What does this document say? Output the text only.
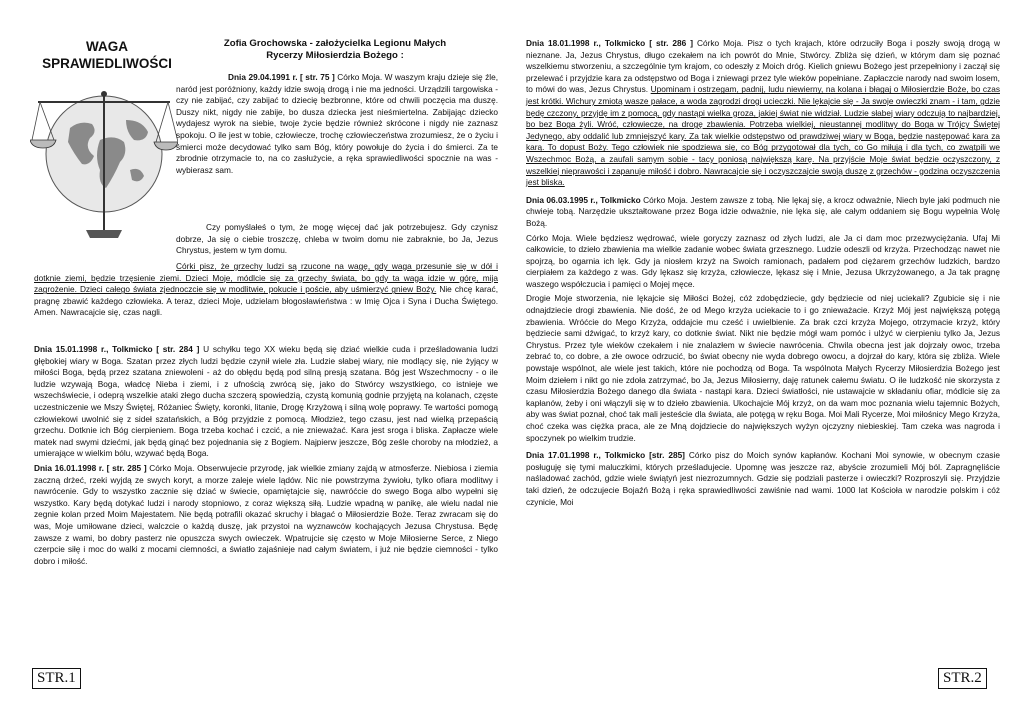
WAGA
SPRAWIEDLIWOŚCI
Zofia Grochowska - założycielka Legionu Małych
Rycerzy Miłosierdzia Bożego :

Dnia 29.04.1991 r. [ str. 75 ] Córko Moja. W waszym kraju dzieje się źle, naród jest poróżniony, każdy idzie swoją drogą i nie ma jedności. Urządzili targowiska - czy nie zabijać, czy zabijać to dziecię bezbronne, które od chwili poczęcia ma duszę. Duszy nikt, nigdy nie zabije, bo dusza dziecka jest nieśmiertelna. Zabijając dziecko wydajesz wyrok na siebie, twoje życie będzie również skrócone i nigdy nie zaznasz spokoju. O ile jest w tobie, człowiecze, trochę człowieczeństwa zrozumiesz, że o życiu i śmierci może decydować tylko sam Bóg, który powołuje do życia i do śmierci. Za te zbrodnie otrzymacie to, na co zasłużycie, a ręka sprawiedliwości spocznie na was - wybierasz sam.

Czy pomyślałeś o tym, że mogę więcej dać jak potrzebujesz. Gdy czynisz dobrze, Ja się o ciebie troszczę, chleba w twoim domu nie zabraknie, bo Ja, Jezus Chrystus, jestem w tym domu.

Córki pisz, że grzechy ludzi są rzucone na wagę, gdy waga przesunie się w dół i dotknie ziemi, będzie trzęsienie ziemi. Dzieci Moje, módlcie się za grzechy świata, bo gdy ta waga idzie w górę, mija zagrożenie. Dzieci całego świata zjednoczcie się w modlitwie, pokucie i poście, aby uśmierzyć gniew Boży. Nie chcę karać, pragnę zbawić każdego człowieka. A teraz, dzieci Moje, udzielam błogosławieństwa : w Imię Ojca i Syna i Ducha Świętego. Amen. Nawracajcie się, czas nagli.

Dnia 15.01.1998 r., Tolkmicko [ str. 284 ] U schyłku tego XX wieku będą się dziać wielkie cuda i prześladowania ludzi głębokiej wiary w Boga. Szatan przez złych ludzi będzie czynił wiele zła. Ludzie słabej wiary, nie modlący się, nie żyjący w miłości Boga, będą przez szatana zniewoleni - aż do obłędu będą pod silną presją szatana. Bóg jest Wszechmocny - o ile ludzie wzywają Boga, władcę Nieba i ziemi, i z ufnością zwrócą się, jako do Stwórcy wszystkiego, co istnieje we wszechświecie, i odeprą wszelkie ataki złego ducha szczerą spowiedzią, czystą komunią godnie przyjętą na kolanach, częste uczestniczenie we Mszy Świętej, Różaniec Święty, koronki, litanie, Drogę Krzyżową i silną wolę poprawy. Te wartości pomogą człowiekowi uwolnić się z sideł szatańskich, a Bóg przyjdzie z pomocą. Młodzież, tego czasu, jest nad wielką przepaścią grzechu. Dotknie ich Bóg cierpieniem. Boga trzeba kochać i czcić, a nie znieważać. Kara jest sroga i bliska. Zapłacze wiele matek nad swymi dziećmi, jak będą ginąć bez pojednania się z Bogiem. Najpierw jeszcze, Bóg ześle choroby na młodzież, a umierające w wielkim bólu, wzywać będą Boga.

Dnia 16.01.1998 r. [ str. 285 ] Córko Moja. Obserwujecie przyrodę, jak wielkie zmiany zajdą w atmosferze. Niebiosa i ziemia zaczną drżeć, rzeki wyjdą ze swych koryt, a morze zaleje wiele lądów. Nic nie powstrzyma żywiołu, tylko ofiara modlitwy i nawrócenie. Gdy to wszystko zacznie się dziać w świecie, opamiętajcie się, nawróćcie do swego Boga albo wypełni się wszystko. Kary będą dotykać ludzi i narody stopniowo, z coraz większą siłą. Ludzie wpadną w panikę, ale wielu nadal nie zegnie kolan przed Moim Majestatem. Nie będą potrafili okazać skruchy i błagać o Miłosierdzie Boże. Teraz zwracam się do was, Moje umiłowane dzieci, walczcie o każdą duszę, jak przystoi na wyznawców kochających Jezusa Chrystusa. Będę zawsze z wami, bo dobry pasterz nie opuszcza swych owieczek. Wpatrujcie się często w Moje Miłosierne Serce, z Niego czerpcie siłę i moc do walki z mocami ciemności, a światło zajaśnieje nad całym światem, i już nie będzie ciemności - tylko dobro i miłość.

STR.1

Dnia 18.01.1998 r., Tolkmicko [ str. 286 ] Córko Moja. Pisz o tych krajach, które odrzuciły Boga i poszły swoją drogą w nieznane. Ja, Jezus Chrystus, długo czekałem na ich powrót do Mnie, Stwórcy. Zbliża się dzień, w którym dam się poznać wszelkiemu stworzeniu, a szczególnie tym krajom, co odeszły z Moich dróg. Kielich gniewu Bożego jest przepełniony i zaczął się przelewać i przyjdzie kara za odstępstwo od Boga i zniewagi przez tyle wieków popełniane. Zapłaczcie narody nad swoim losem, to mówi do was, Jezus Chrystus. Upominam i ostrzegam, padnij, ludu niewierny, na kolana i błagaj o Miłosierdzie Boże, bo czas jest krótki. Wichury zmiotą wasze pałace, a woda zagrodzi drogi ucieczki. Nie lękajcie się - Ja swoje owieczki znam - i tam, gdzie będę czczony, przyjdę im z pomocą, gdy nastąpi wielka groza, jakiej świat nie widział. Ludzie słabej wiary odczują to najbardziej, bo bez Boga żyli. Wróć, człowiecze, na drogę zbawienia. Potrzeba wielkiej, nieustannej modlitwy do Boga w Trójcy Świętej Jedynego, aby oddalić lub zmniejszyć kary. Za tak wielkie odstępstwo od prawdziwej wiary w Boga, będzie następować kara za karą. To dopust Boży. Tego człowiek nie spodziewa się, co Bóg przygotował dla tych, co Go miłują i dla tych, co zwątpili we Wszechmoc Bożą, a zaufali samym sobie - tacy poniosą największą karę. Na przyjście Moje świat będzie oczyszczony, z wszelkiej nieprawości i zapanuje miłość i dobro. Nawracajcie się i oczyszczajcie swoją duszę z grzechów - godzina oczyszczenia jest bliska.

Dnia 06.03.1995 r., Tolkmicko Córko Moja. Jestem zawsze z tobą. Nie lękaj się, a krocz odważnie, Niech byle jaki podmuch nie chwieje tobą. Narzędzie ukształtowane przez Boga idzie odważnie, nie lęka się, ale całym oddaniem się Bogu wypełnia Wolę Bożą.

Córko Moja. Wiele będziesz wędrować, wiele goryczy zaznasz od złych ludzi, ale Ja ci dam moc przezwyciężania. Ufaj Mi całkowicie, to dzieło zbawienia ma wielkie zadanie wobec świata grzesznego. Ludzie odeszli od krzyża. Przechodząc nawet nie spojrzą, bo ogarnia ich lęk. Gdy ja niosłem krzyż na Swoich ramionach, padałem pod ciężarem grzechów ludzkich, bardzo cierpiałem za każdego z was. Gdy lękasz się krzyża, człowiecze, lękasz się i Mnie, Jezusa Ukrzyżowanego, a Ja tak pragnę waszego współczucia i pamięci o Mojej męce.

Drogie Moje stworzenia, nie lękajcie się Miłości Bożej, cóż zdobędziecie, gdy będziecie od niej uciekali? Zgubicie się i nie odnajdziecie drogi zbawienia. Nie dość, że od Mego krzyża uciekacie to i go znieważacie. Krzyż Mój jest największą potęgą zbawienia. Wróćcie do Mego Krzyża, oddajcie mu cześć i uwielbienie. Za brak czci krzyża Mojego, otrzymacie krzyż, który będziecie sami dźwigać, to krzyż kary, co dotknie świat. Nikt nie będzie mógł wam pomóc i ulżyć w cierpieniu tylko Ja, Jezus Chrystus. Przez tyle wieków czekałem i nie znalazłem w świecie nawrócenia. Chwila obecna jest jak dojrzały owoc, trzeba zebrać to, co dobre, a złe owoce odrzucić, bo świat obecny nie wyda dobrego owocu, a dojrzał do kary, która się zbliża. Wiele powstaje wspólnot, ale wiele jest takich, które nie pochodzą od Boga. Ta wspólnota Małych Rycerzy Miłosierdzia Bożego jest Moim dziełem i nikt go nie zdoła zatrzymać, bo Ja, Jezus Miłosierny, daję ratunek całemu światu. O ile ludzkość nie skorzysta z czasu Miłosierdzia Bożego danego dla świata - nastąpi kara. Dzieci światłości, nie ustawajcie w składaniu ofiar, módlcie się za kapłanów, żeby i oni włączyli się w to dzieło zbawienia. Ukochajcie Mój krzyż, on da wam moc poznania wielu tajemnic Bożych, aby was świat poznał, choć tak mali jesteście dla świata, ale potęgą w ręku Boga. Moi Mali Rycerze, Moi miłośnicy Mego Krzyża, choć czeka was ciężka praca, ale ze Mną dojdziecie do największych wyżyn ojczyzny niebieskiej. Tam czeka was nagroda i spoczynek po wielkim trudzie.

Dnia 17.01.1998 r., Tolkmicko [str. 285] Córko pisz do Moich synów kapłanów. Kochani Moi synowie, w obecnym czasie posługuję się tymi maluczkimi, których prześladujecie. Upomnę was jeszcze raz, abyście zrozumieli Mój ból. Zapragnęliście naśladować zachód, gdzie wiele świątyń jest niezrozumnych. Gdzie się podziali pasterze i owieczki? Rozproszyli się. Przyjdzie taki dzień, że odczujecie Bojaźń Bożą i ręka sprawiedliwości zawiśnie nad wami. 1000 lat Kościoła w narodzie polskim i cóż czynicie, Moi

STR.2
